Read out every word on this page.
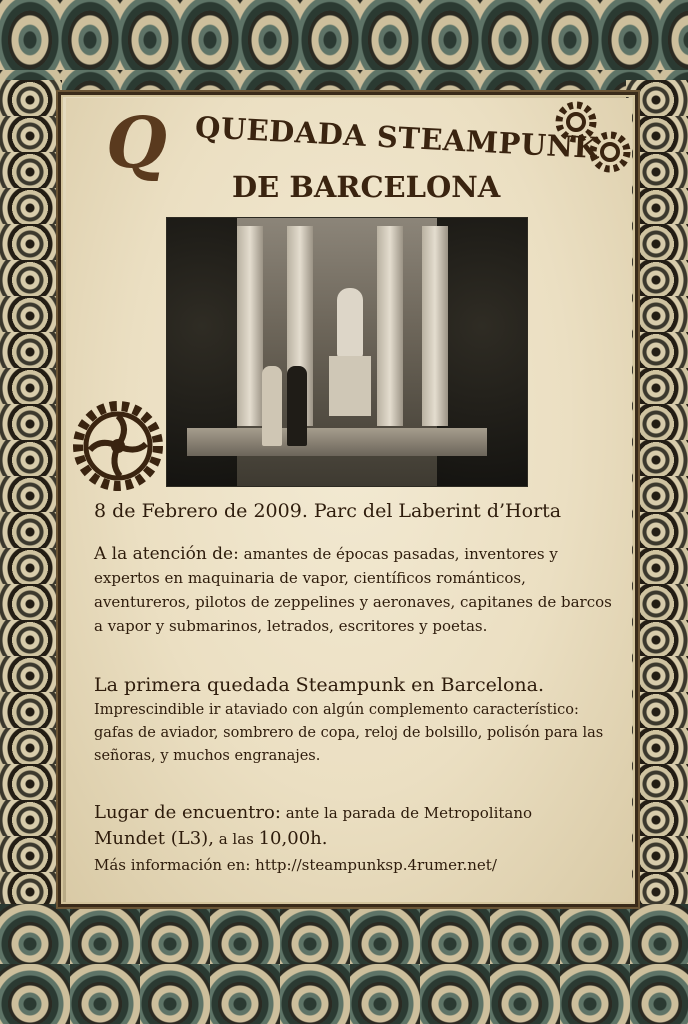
Q QUEDADA STEAMPUNK
DE BARCELONA
8 de Febrero de 2009. Parc del Laberint d’Horta
A la atención de: amantes de épocas pasadas, inventores y expertos en maquinaria de vapor, científicos románticos, aventureros, pilotos de zeppelines y aeronaves, capitanes de barcos a vapor y submarinos, letrados, escritores y poetas.
La primera quedada Steampunk en Barcelona.
Imprescindible ir ataviado con algún complemento característico: gafas de aviador, sombrero de copa, reloj de bolsillo, polisón para las señoras, y muchos engranajes.
Lugar de encuentro: ante la parada de Metropolitano
Mundet (L3), a las 10,00h.
Más información en: http://steampunksp.4rumer.net/
